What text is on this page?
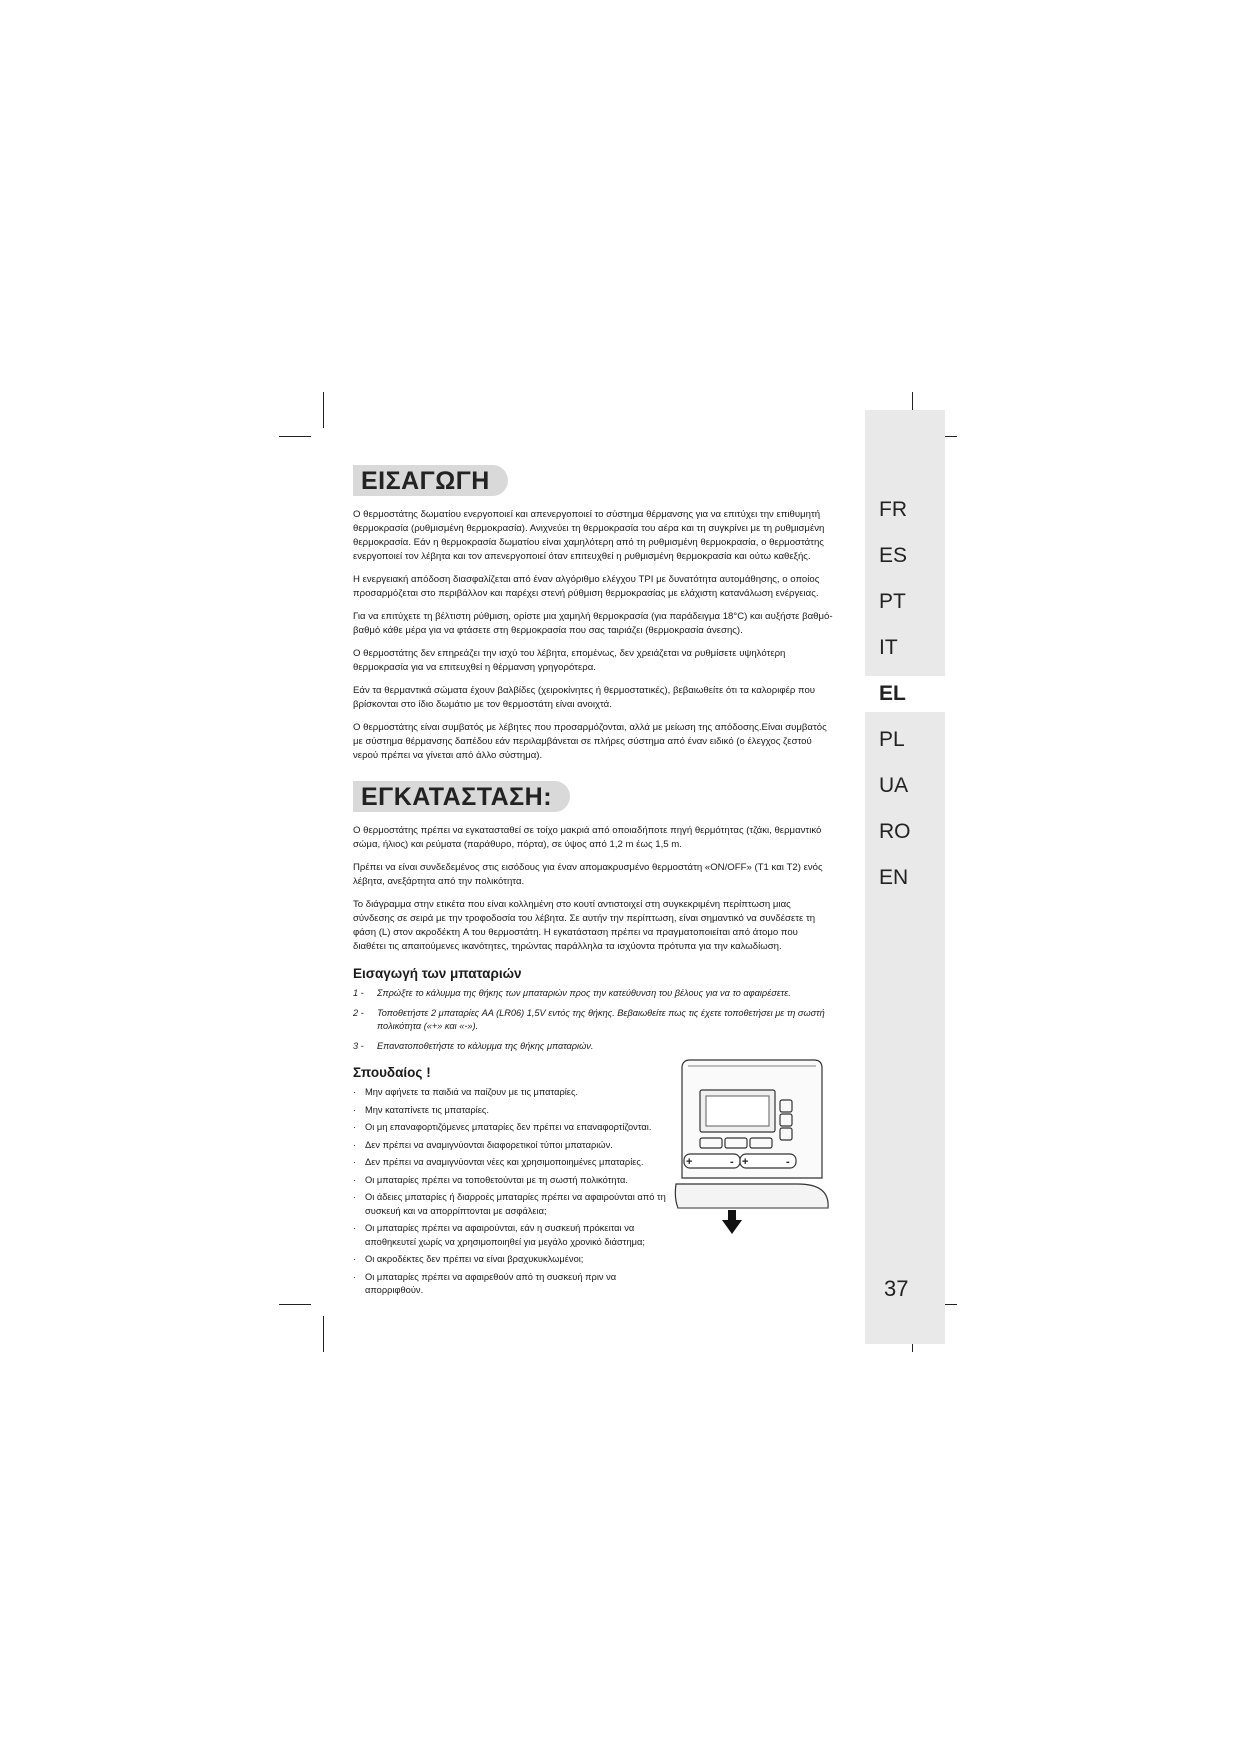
FR
ES
PT
IT
EL
PL
UA
RO
EN
37
ΕΙΣΑΓΩΓΗ

Ο θερμοστάτης δωματίου ενεργοποιεί και απενεργοποιεί το σύστημα θέρμανσης για να επιτύχει την επιθυμητή θερμοκρασία (ρυθμισμένη θερμοκρασία). Ανιχνεύει τη θερμοκρασία του αέρα και τη συγκρίνει με τη ρυθμισμένη θερμοκρασία. Εάν η θερμοκρασία δωματίου είναι χαμηλότερη από τη ρυθμισμένη θερμοκρασία, ο θερμοστάτης ενεργοποιεί τον λέβητα και τον απενεργοποιεί όταν επιτευχθεί η ρυθμισμένη θερμοκρασία και ούτω καθεξής.

Η ενεργειακή απόδοση διασφαλίζεται από έναν αλγόριθμο ελέγχου TPI με δυνατότητα αυτομάθησης, ο οποίος προσαρμόζεται στο περιβάλλον και παρέχει στενή ρύθμιση θερμοκρασίας με ελάχιστη κατανάλωση ενέργειας.

Για να επιτύχετε τη βέλτιστη ρύθμιση, ορίστε μια χαμηλή θερμοκρασία (για παράδειγμα 18°C) και αυξήστε βαθμό-βαθμό κάθε μέρα για να φτάσετε στη θερμοκρασία που σας ταιριάζει (θερμοκρασία άνεσης).

Ο θερμοστάτης δεν επηρεάζει την ισχύ του λέβητα, επομένως, δεν χρειάζεται να ρυθμίσετε υψηλότερη θερμοκρασία για να επιτευχθεί η θέρμανση γρηγορότερα.

Εάν τα θερμαντικά σώματα έχουν βαλβίδες (χειροκίνητες ή θερμοστατικές), βεβαιωθείτε ότι τα καλοριφέρ που βρίσκονται στο ίδιο δωμάτιο με τον θερμοστάτη είναι ανοιχτά.

Ο θερμοστάτης είναι συμβατός με λέβητες που προσαρμόζονται, αλλά με μείωση της απόδοσης.Είναι συμβατός με σύστημα θέρμανσης δαπέδου εάν περιλαμβάνεται σε πλήρες σύστημα από έναν ειδικό (ο έλεγχος ζεστού νερού πρέπει να γίνεται από άλλο σύστημα).

ΕΓΚΑΤΑΣΤΑΣΗ:

Ο θερμοστάτης πρέπει να εγκατασταθεί σε τοίχο μακριά από οποιαδήποτε πηγή θερμότητας (τζάκι, θερμαντικό σώμα, ήλιος) και ρεύματα (παράθυρο, πόρτα), σε ύψος από 1,2 m έως 1,5 m.

Πρέπει να είναι συνδεδεμένος στις εισόδους για έναν απομακρυσμένο θερμοστάτη «ON/OFF» (T1 και T2) ενός λέβητα, ανεξάρτητα από την πολικότητα.

Το διάγραμμα στην ετικέτα που είναι κολλημένη στο κουτί αντιστοιχεί στη συγκεκριμένη περίπτωση μιας σύνδεσης σε σειρά με την τροφοδοσία του λέβητα. Σε αυτήν την περίπτωση, είναι σημαντικό να συνδέσετε τη φάση (L) στον ακροδέκτη A του θερμοστάτη. Η εγκατάσταση πρέπει να πραγματοποιείται από άτομο που διαθέτει τις απαιτούμενες ικανότητες, τηρώντας παράλληλα τα ισχύοντα πρότυπα για την καλωδίωση.

Εισαγωγή των μπαταριών
1 - Σπρώξτε το κάλυμμα της θήκης των μπαταριών προς την κατεύθυνση του βέλους για να το αφαιρέσετε.
2 - Τοποθετήστε 2 μπαταρίες AA (LR06) 1,5V εντός της θήκης. Βεβαιωθείτε πως τις έχετε τοποθετήσει με τη σωστή πολικότητα («+» και «-»).
3 - Επανατοποθετήστε το κάλυμμα της θήκης μπαταριών.
Σπουδαίος !
· Μην αφήνετε τα παιδιά να παίζουν με τις μπαταρίες.
· Μην καταπίνετε τις μπαταρίες.
· Οι μη επαναφορτιζόμενες μπαταρίες δεν πρέπει να επαναφορτίζονται.
· Δεν πρέπει να αναμιγνύονται διαφορετικοί τύποι μπαταριών.
· Δεν πρέπει να αναμιγνύονται νέες και χρησιμοποιημένες μπαταρίες.
· Οι μπαταρίες πρέπει να τοποθετούνται με τη σωστή πολικότητα.
· Οι άδειες μπαταρίες ή διαρροές μπαταρίες πρέπει να αφαιρούνται από τη συσκευή και να απορρίπτονται με ασφάλεια;
· Οι μπαταρίες πρέπει να αφαιρούνται, εάν η συσκευή πρόκειται να αποθηκευτεί χωρίς να χρησιμοποιηθεί για μεγάλο χρονικό διάστημα;
· Οι ακροδέκτες δεν πρέπει να είναι βραχυκυκλωμένοι;
· Οι μπαταρίες πρέπει να αφαιρεθούν από τη συσκευή πριν να απορριφθούν.
+	- +	-
